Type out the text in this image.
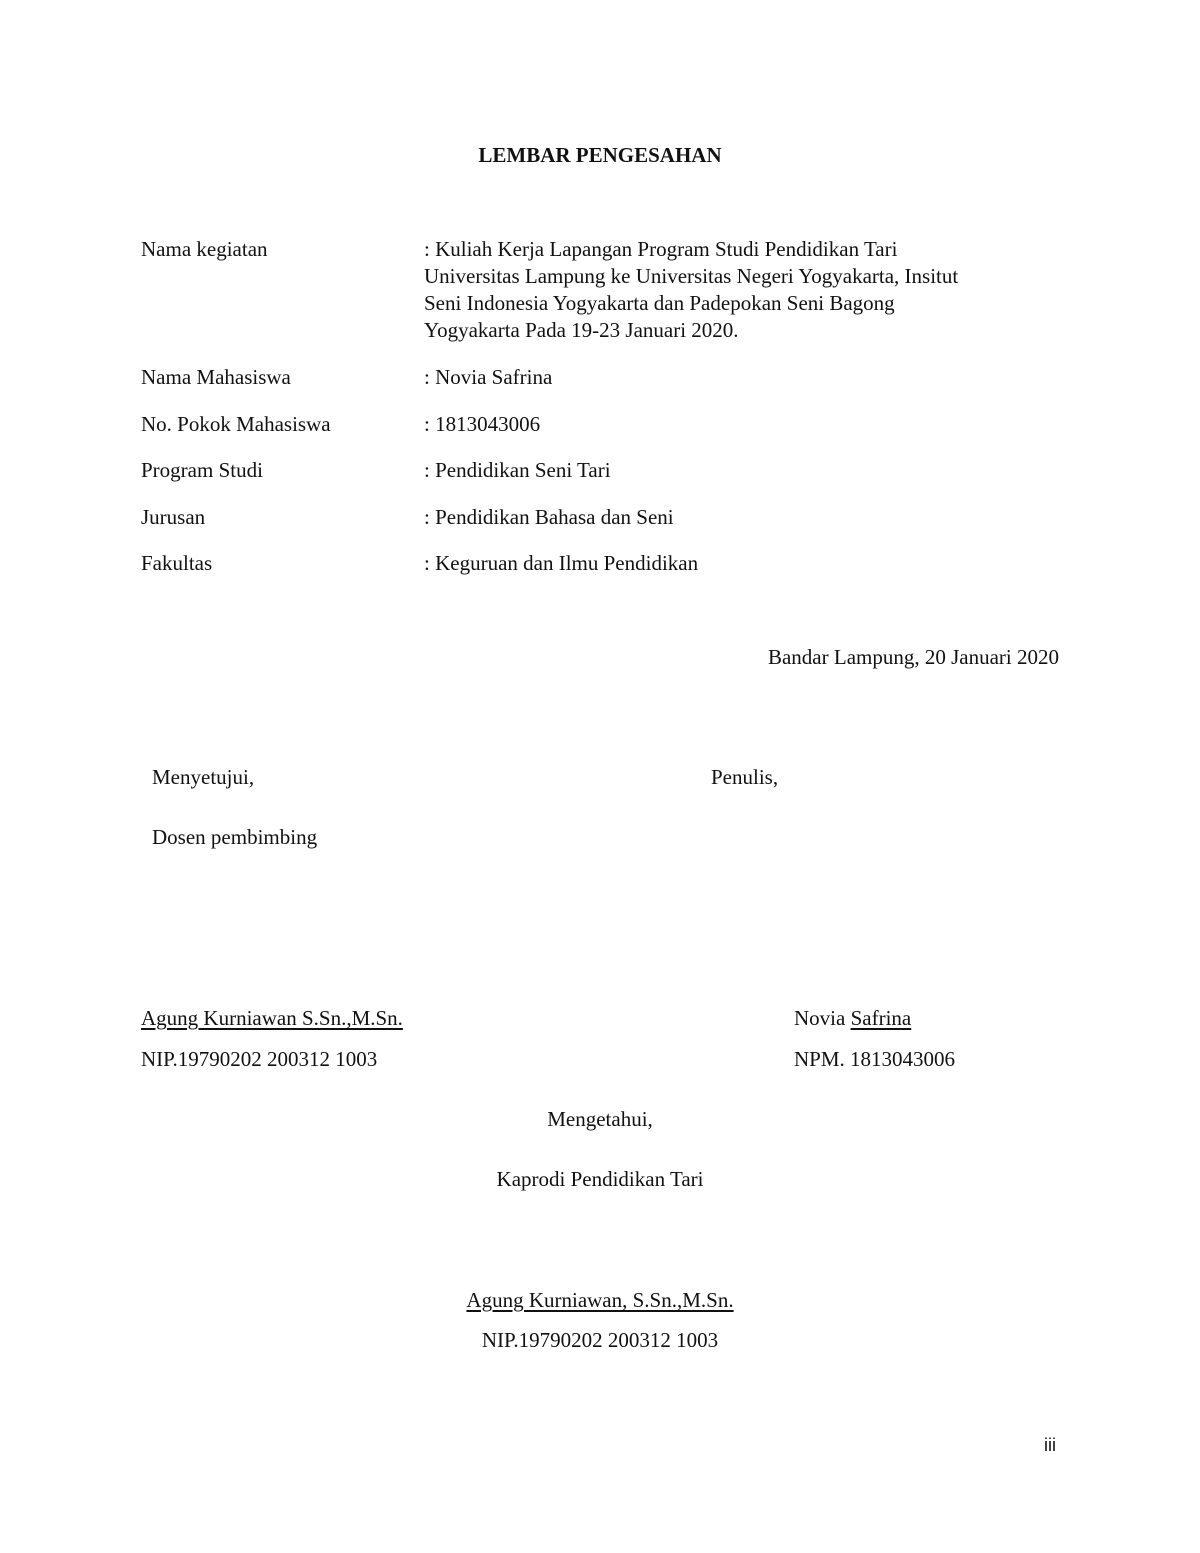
LEMBAR PENGESAHAN
Nama kegiatan	: Kuliah Kerja Lapangan Program Studi Pendidikan Tari
Universitas Lampung ke Universitas Negeri Yogyakarta, Insitut
Seni Indonesia Yogyakarta dan Padepokan Seni Bagong
Yogyakarta Pada 19-23 Januari 2020.
Nama Mahasiswa	: Novia Safrina
No. Pokok Mahasiswa	: 1813043006
Program Studi	: Pendidikan Seni Tari
Jurusan	: Pendidikan Bahasa dan Seni
Fakultas	: Keguruan dan Ilmu Pendidikan
Bandar Lampung, 20 Januari 2020
Menyetujui,
Dosen pembimbing
Agung Kurniawan S.Sn.,M.Sn.
NIP.19790202 200312 1003
Penulis,
Novia Safrina
NPM. 1813043006
Mengetahui,
Kaprodi Pendidikan Tari
Agung Kurniawan, S.Sn.,M.Sn.
NIP.19790202 200312 1003
iii
